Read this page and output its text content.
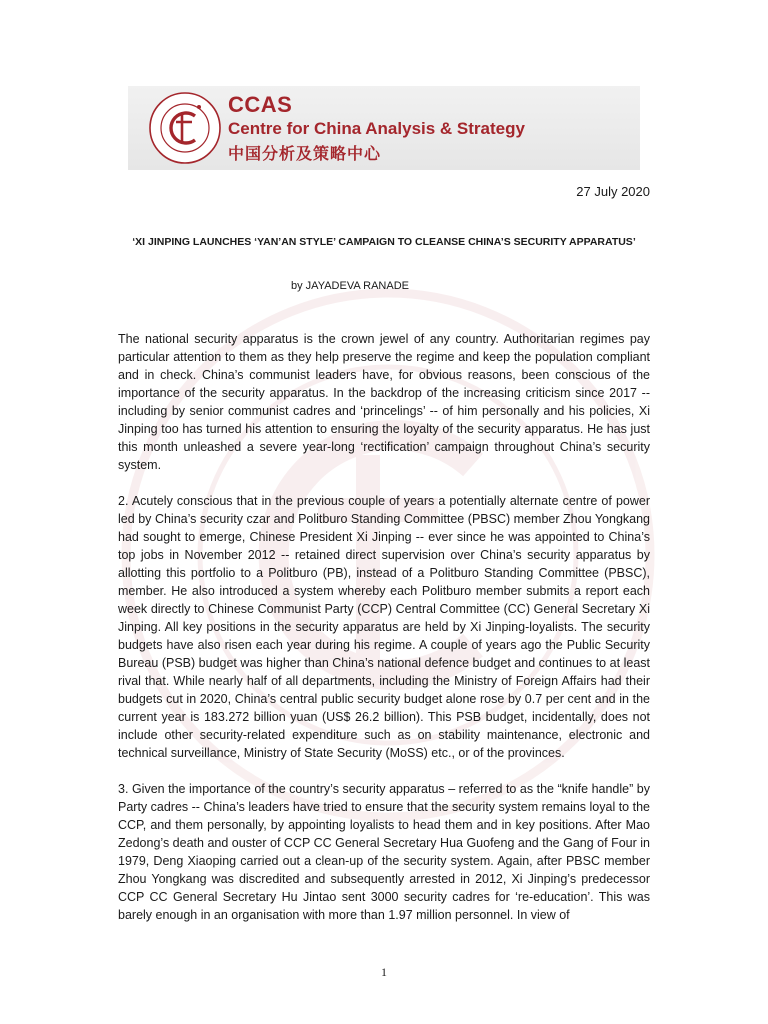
CCAS
Centre for China Analysis & Strategy
中国分析及策略中心
27 July 2020
‘XI JINPING LAUNCHES ‘YAN’AN STYLE’ CAMPAIGN TO CLEANSE CHINA’S SECURITY APPARATUS’
by JAYADEVA RANADE

The national security apparatus is the crown jewel of any country. Authoritarian regimes pay particular attention to them as they help preserve the regime and keep the population compliant and in check. China’s communist leaders have, for obvious reasons, been conscious of the importance of the security apparatus. In the backdrop of the increasing criticism since 2017 -- including by senior communist cadres and ‘princelings’ -- of him personally and his policies, Xi Jinping too has turned his attention to ensuring the loyalty of the security apparatus. He has just this month unleashed a severe year-long ‘rectification’ campaign throughout China’s security system.

2. Acutely conscious that in the previous couple of years a potentially alternate centre of power led by China’s security czar and Politburo Standing Committee (PBSC) member Zhou Yongkang had sought to emerge, Chinese President Xi Jinping -- ever since he was appointed to China’s top jobs in November 2012 -- retained direct supervision over China’s security apparatus by allotting this portfolio to a Politburo (PB), instead of a Politburo Standing Committee (PBSC), member. He also introduced a system whereby each Politburo member submits a report each week directly to Chinese Communist Party (CCP) Central Committee (CC) General Secretary Xi Jinping. All key positions in the security apparatus are held by Xi Jinping-loyalists. The security budgets have also risen each year during his regime. A couple of years ago the Public Security Bureau (PSB) budget was higher than China’s national defence budget and continues to at least rival that. While nearly half of all departments, including the Ministry of Foreign Affairs had their budgets cut in 2020, China’s central public security budget alone rose by 0.7 per cent and in the current year is 183.272 billion yuan (US$ 26.2 billion). This PSB budget, incidentally, does not include other security-related expenditure such as on stability maintenance, electronic and technical surveillance, Ministry of State Security (MoSS) etc., or of the provinces.

3. Given the importance of the country’s security apparatus – referred to as the “knife handle” by Party cadres -- China’s leaders have tried to ensure that the security system remains loyal to the CCP, and them personally, by appointing loyalists to head them and in key positions. After Mao Zedong’s death and ouster of CCP CC General Secretary Hua Guofeng and the Gang of Four in 1979, Deng Xiaoping carried out a clean-up of the security system. Again, after PBSC member Zhou Yongkang was discredited and subsequently arrested in 2012, Xi Jinping’s predecessor CCP CC General Secretary Hu Jintao sent 3000 security cadres for ‘re-education’. This was barely enough in an organisation with more than 1.97 million personnel. In view of

1
